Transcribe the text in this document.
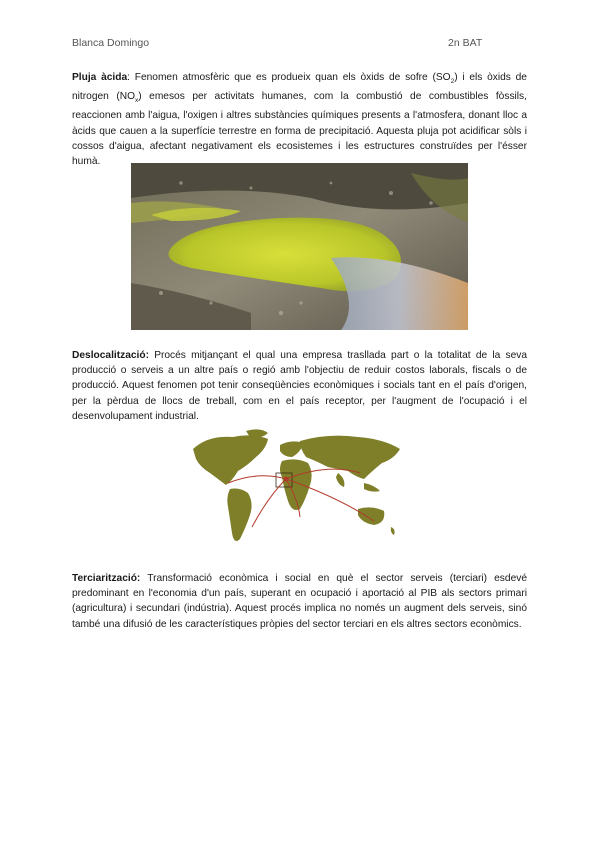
Blanca Domingo	2n BAT

Pluja àcida: Fenomen atmosfèric que es produeix quan els òxids de sofre $(SO_2)$ i els òxids de nitrogen $(NO_x)$ emesos per activitats humanes, com la combustió de combustibles fòssils, reaccionen amb l'aigua, l'oxigen i altres substàncies químiques presents a l'atmosfera, donant lloc a àcids que cauen a la superfície terrestre en forma de precipitació. Aquesta pluja pot acidificar sòls i cossos d'aigua, afectant negativament els ecosistemes i les estructures construïdes per l'ésser humà.

Deslocalització: Procés mitjançant el qual una empresa trasllada part o la totalitat de la seva producció o serveis a un altre país o regió amb l'objectiu de reduir costos laborals, fiscals o de producció. Aquest fenomen pot tenir conseqüències econòmiques i socials tant en el país d'origen, per la pèrdua de llocs de treball, com en el país receptor, per l'augment de l'ocupació i el desenvolupament industrial.

Terciarització: Transformació econòmica i social en què el sector serveis (terciari) esdevé predominant en l'economia d'un país, superant en ocupació i aportació al PIB als sectors primari (agricultura) i secundari (indústria). Aquest procés implica no només un augment dels serveis, sinó també una difusió de les característiques pròpies del sector terciari en els altres sectors econòmics.
